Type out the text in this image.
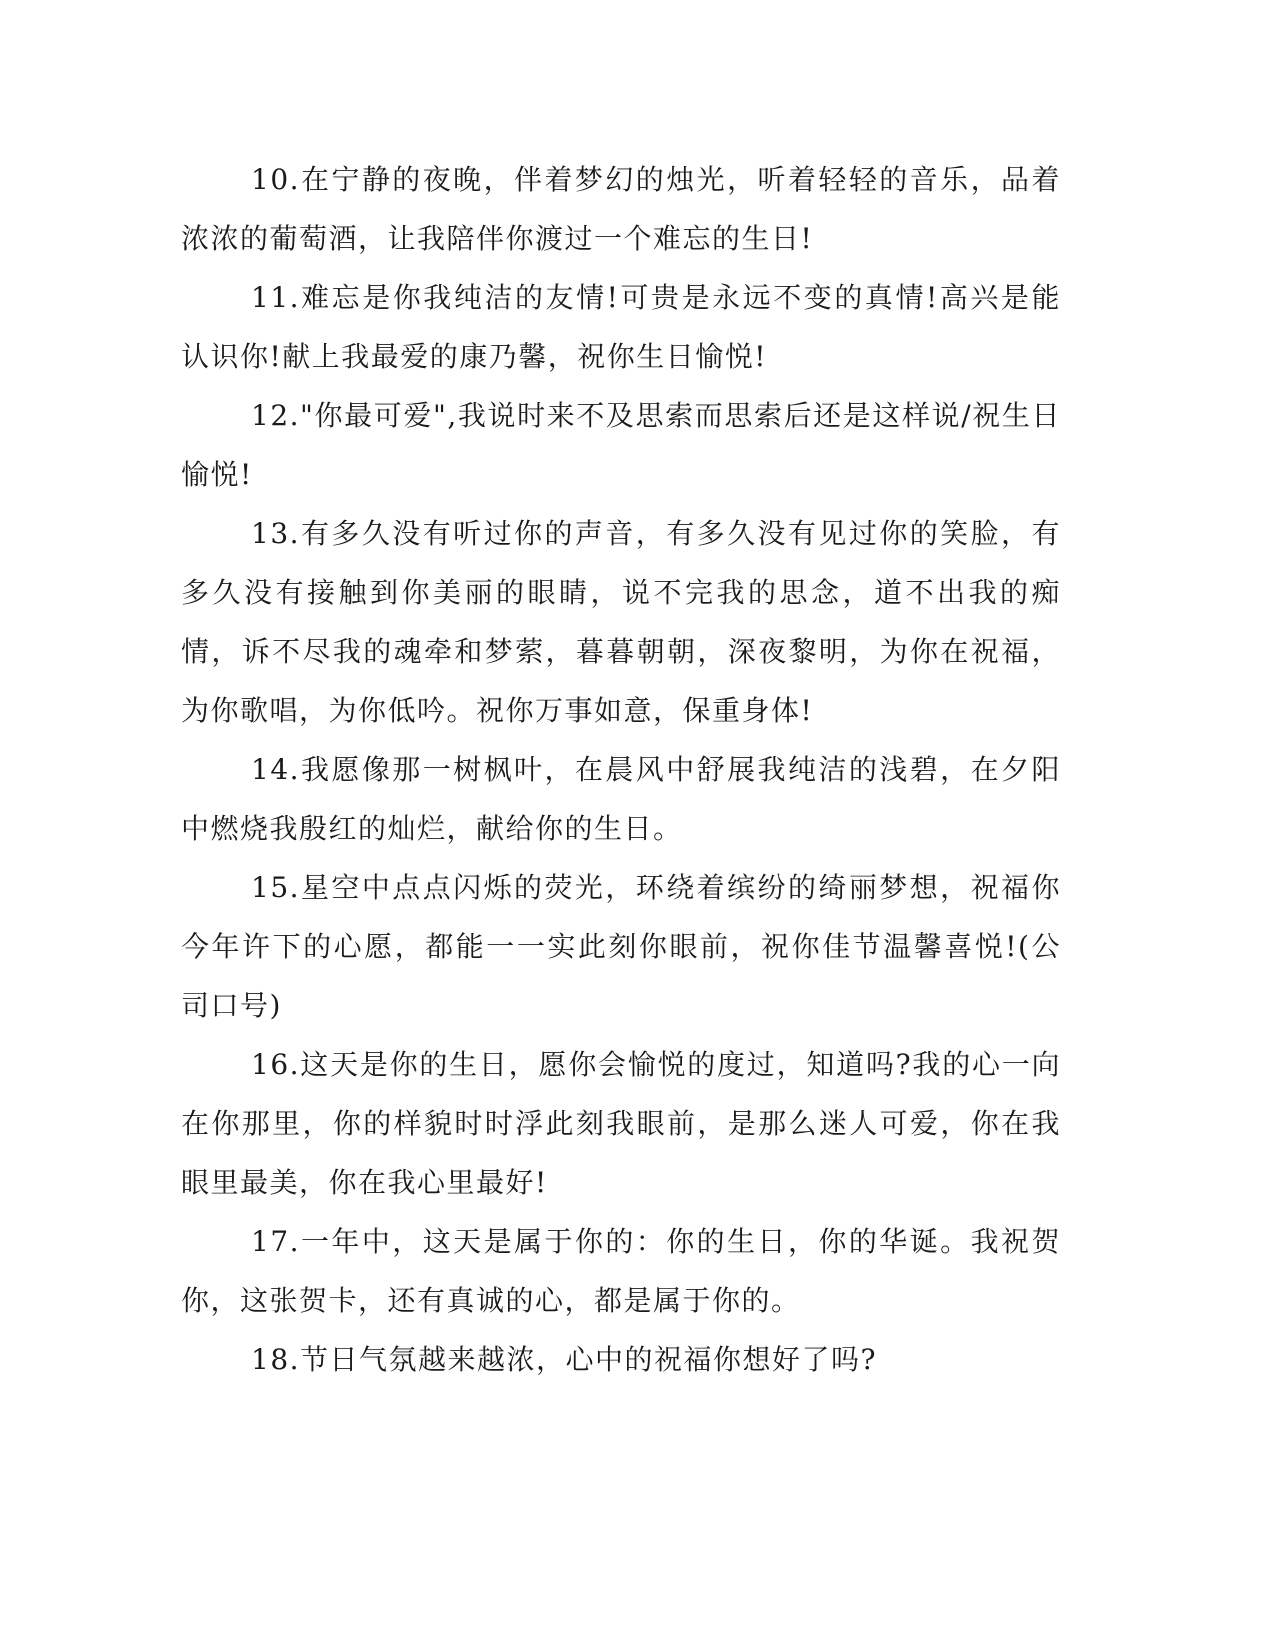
10.在宁静的夜晚，伴着梦幻的烛光，听着轻轻的音乐，品着浓浓的葡萄酒，让我陪伴你渡过一个难忘的生日!

11.难忘是你我纯洁的友情!可贵是永远不变的真情!高兴是能认识你!献上我最爱的康乃馨，祝你生日愉悦!

12."你最可爱",我说时来不及思索而思索后还是这样说/祝生日愉悦!

13.有多久没有听过你的声音，有多久没有见过你的笑脸，有多久没有接触到你美丽的眼睛，说不完我的思念，道不出我的痴情，诉不尽我的魂牵和梦萦，暮暮朝朝，深夜黎明，为你在祝福，为你歌唱，为你低吟。祝你万事如意，保重身体!

14.我愿像那一树枫叶，在晨风中舒展我纯洁的浅碧，在夕阳中燃烧我殷红的灿烂，献给你的生日。

15.星空中点点闪烁的荧光，环绕着缤纷的绮丽梦想，祝福你今年许下的心愿，都能一一实此刻你眼前，祝你佳节温馨喜悦!(公司口号)

16.这天是你的生日，愿你会愉悦的度过，知道吗?我的心一向在你那里，你的样貌时时浮此刻我眼前，是那么迷人可爱，你在我眼里最美，你在我心里最好!

17.一年中，这天是属于你的：你的生日，你的华诞。我祝贺你，这张贺卡，还有真诚的心，都是属于你的。

18.节日气氛越来越浓，心中的祝福你想好了吗?
